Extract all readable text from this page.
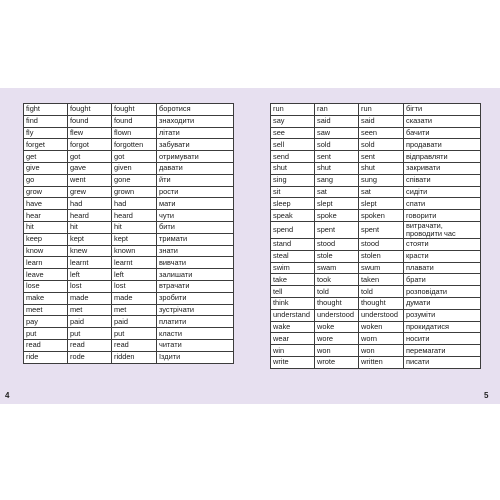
fight	fought	fought	боротися
find	found	found	знаходити
fly	flew	flown	літати
forget	forgot	forgotten	забувати
get	got	got	отримувати
give	gave	given	давати
go	went	gone	йти
grow	grew	grown	рости
have	had	had	мати
hear	heard	heard	чути
hit	hit	hit	бити
keep	kept	kept	тримати
know	knew	known	знати
learn	learnt	learnt	вивчати
leave	left	left	залишати
lose	lost	lost	втрачати
make	made	made	зробити
meet	met	met	зустрічати
pay	paid	paid	платити
put	put	put	класти
read	read	read	читати
ride	rode	ridden	їздити
run	ran	run	бігти
say	said	said	сказати
see	saw	seen	бачити
sell	sold	sold	продавати
send	sent	sent	відправляти
shut	shut	shut	закривати
sing	sang	sung	співати
sit	sat	sat	сидіти
sleep	slept	slept	спати
speak	spoke	spoken	говорити
spend	spent	spent	витрачати, проводити час
stand	stood	stood	стояти
steal	stole	stolen	красти
swim	swam	swum	плавати
take	took	taken	брати
tell	told	told	розповідати
think	thought	thought	думати
understand	understood	understood	розуміти
wake	woke	woken	прокидатися
wear	wore	worn	носити
win	won	won	перемагати
write	wrote	written	писати
4	5
